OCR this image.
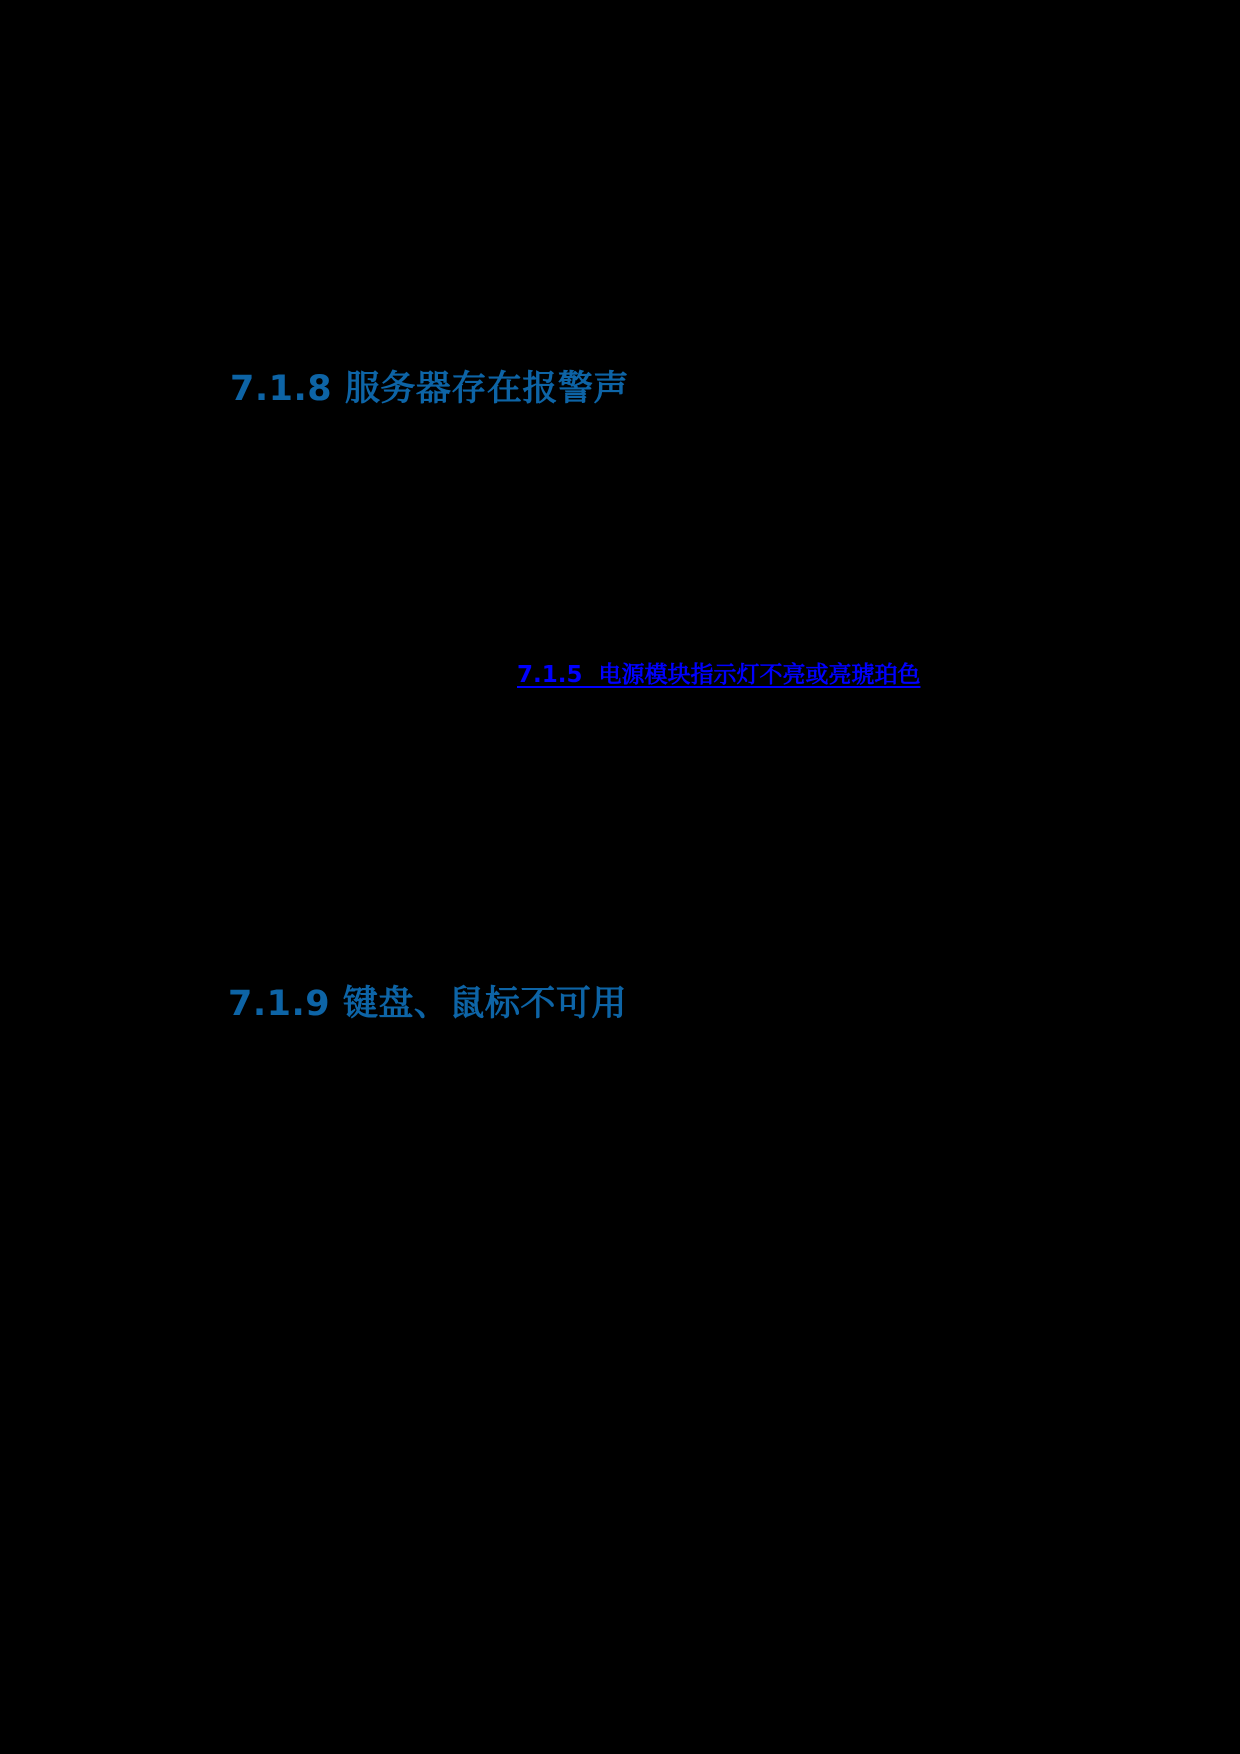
7.1.8 服务器存在报警声
7.1.5  电源模块指示灯不亮或亮琥珀色
7.1.9 键盘、鼠标不可用
